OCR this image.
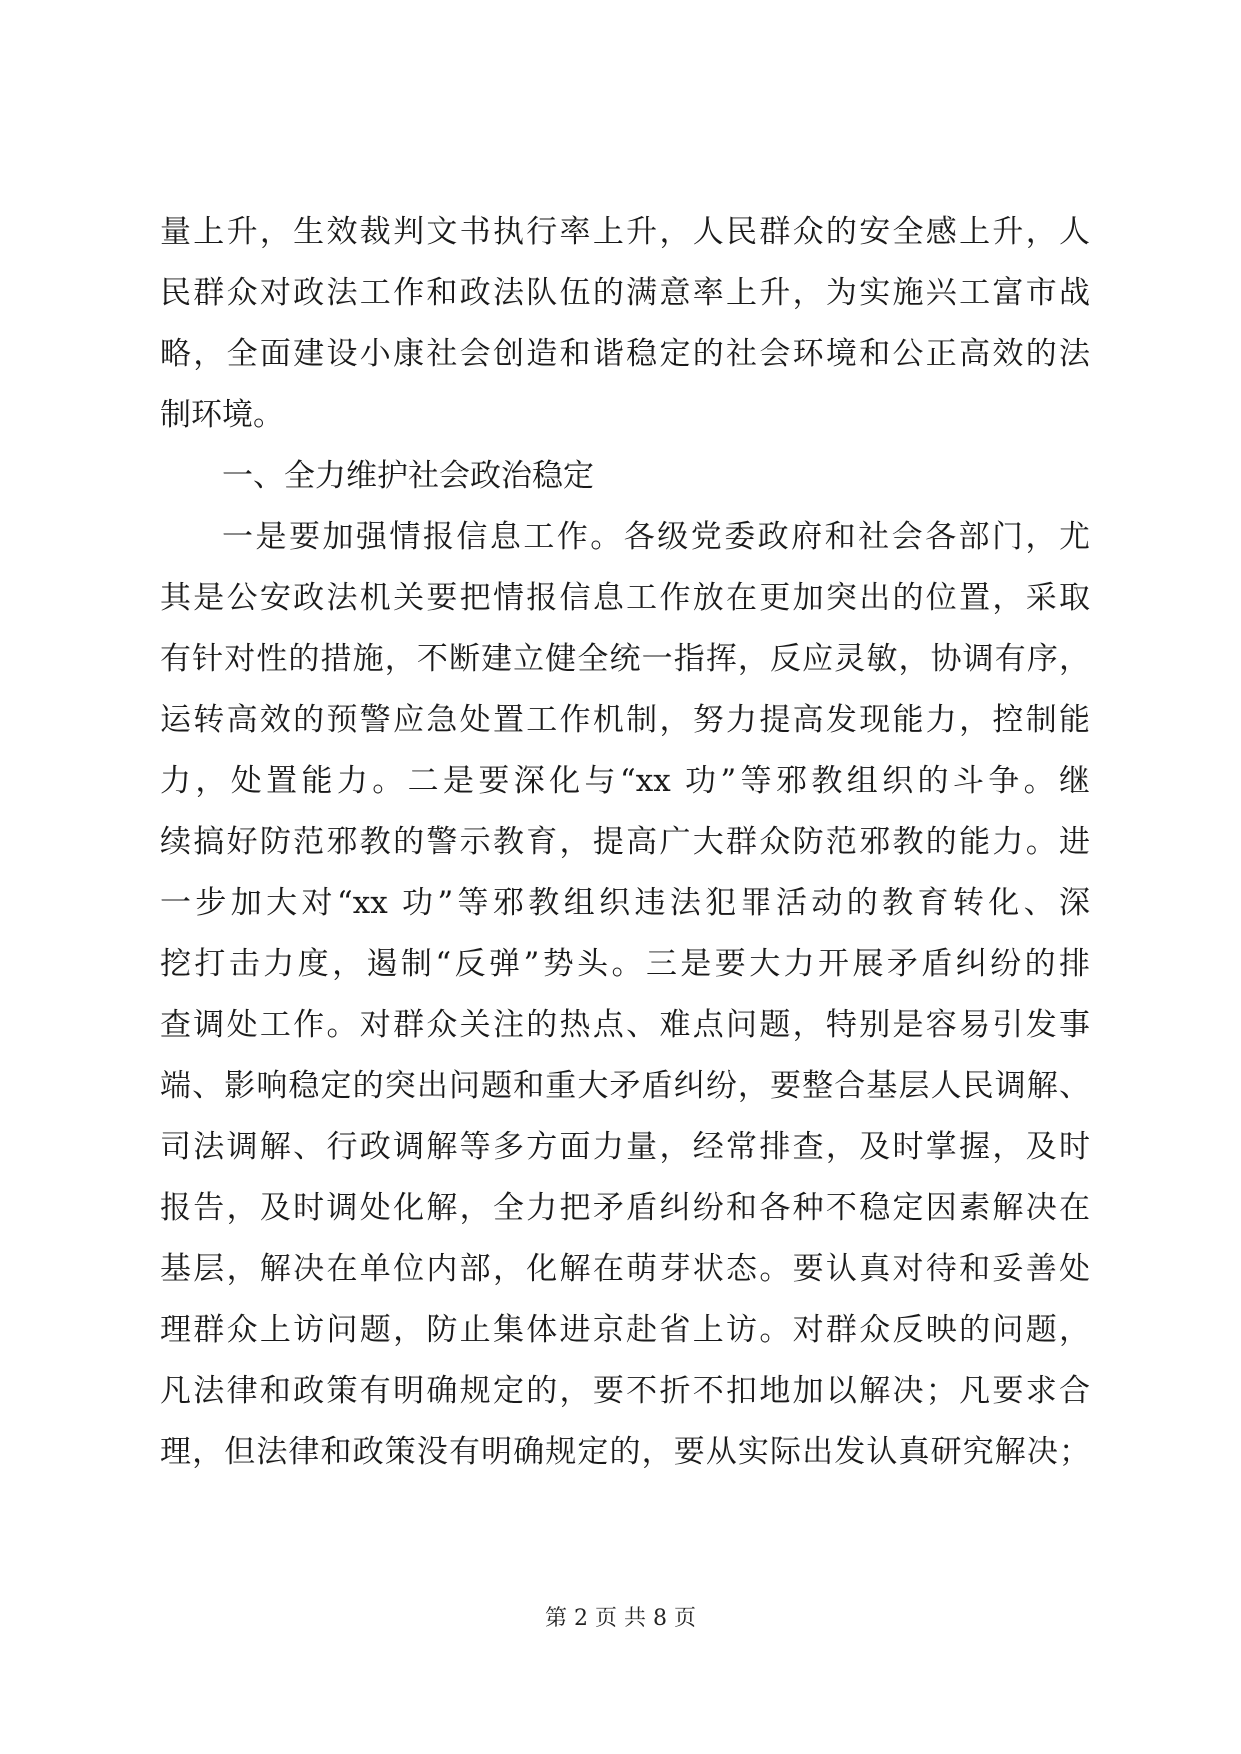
量上升，生效裁判文书执行率上升，人民群众的安全感上升，人
民群众对政法工作和政法队伍的满意率上升，为实施兴工富市战
略，全面建设小康社会创造和谐稳定的社会环境和公正高效的法
制环境。
一、全力维护社会政治稳定
一是要加强情报信息工作。各级党委政府和社会各部门，尤
其是公安政法机关要把情报信息工作放在更加突出的位置，采取
有针对性的措施，不断建立健全统一指挥，反应灵敏，协调有序，
运转高效的预警应急处置工作机制，努力提高发现能力，控制能
力，处置能力。二是要深化与“xx 功”等邪教组织的斗争。继
续搞好防范邪教的警示教育，提高广大群众防范邪教的能力。进
一步加大对“xx 功”等邪教组织违法犯罪活动的教育转化、深
挖打击力度，遏制“反弹”势头。三是要大力开展矛盾纠纷的排
查调处工作。对群众关注的热点、难点问题，特别是容易引发事
端、影响稳定的突出问题和重大矛盾纠纷，要整合基层人民调解、
司法调解、行政调解等多方面力量，经常排查，及时掌握，及时
报告，及时调处化解，全力把矛盾纠纷和各种不稳定因素解决在
基层，解决在单位内部，化解在萌芽状态。要认真对待和妥善处
理群众上访问题，防止集体进京赴省上访。对群众反映的问题，
凡法律和政策有明确规定的，要不折不扣地加以解决；凡要求合
理，但法律和政策没有明确规定的，要从实际出发认真研究解决；
第 2 页 共 8 页
